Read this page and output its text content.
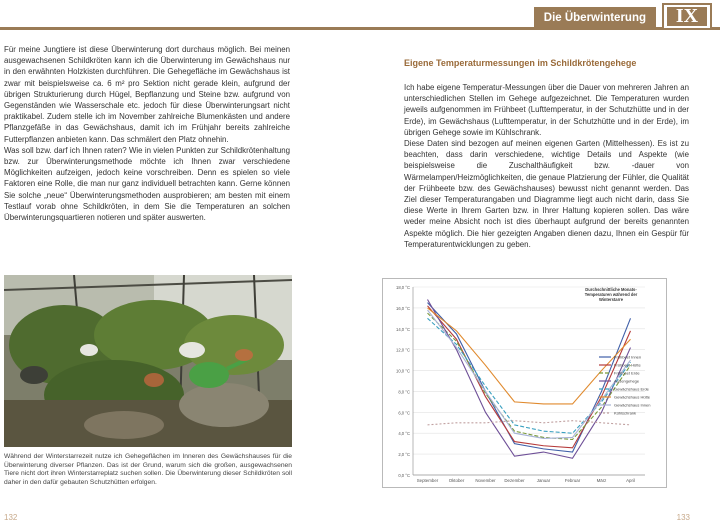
Die Überwinterung	IX

Für meine Jungtiere ist diese Überwinterung dort durchaus möglich. Bei meinen ausgewachsenen Schildkröten kann ich die Überwinterung im Gewächshaus nur in den erwähnten Holzkisten durchführen. Die Gehegefläche im Gewächshaus ist zwar mit beispielsweise ca. 6 m² pro Sektion nicht gerade klein, aufgrund der übrigen Strukturierung durch Hügel, Bepflanzung und Steine bzw. aufgrund von Gegenständen wie Wasserschale etc. jedoch für diese Überwinterungsart nicht praktikabel. Zudem stelle ich im November zahlreiche Blumenkästen und andere Pflanzgefäße in das Gewächshaus, damit ich im Frühjahr bereits zahlreiche Futterpflanzen anbieten kann. Das schmälert den Platz ohnehin.

Was soll bzw. darf ich Ihnen raten? Wie in vielen Punkten zur Schildkrötenhaltung bzw. zur Überwinterungsmethode möchte ich Ihnen zwar verschiedene Möglichkeiten aufzeigen, jedoch keine vorschreiben. Denn es spielen so viele Faktoren eine Rolle, die man nur ganz individuell betrachten kann. Gerne können Sie solche „neue“ Überwinterungsmethoden ausprobieren; am besten mit einem Testlauf vorab ohne Schildkröten, in dem Sie die Temperaturen an solchen Überwinterungsquartieren notieren und später auswerten.

Während der Winterstarrezeit nutze ich Gehegeflächen im Inneren des Gewächshauses für die Überwinterung diverser Pflanzen. Das ist der Grund, warum sich die großen, ausgewachsenen Tiere nicht dort ihren Winterstarreplatz suchen sollen. Die Überwinterung dieser Schildkröten soll daher in den dafür gebauten Schutzhütten erfolgen.
132
Eigene Temperaturmessungen im Schildkrötengehege

Ich habe eigene Temperatur-Messungen über die Dauer von mehreren Jahren an unterschiedlichen Stellen im Gehege aufgezeichnet. Die Temperaturen wurden jeweils aufgenommen im Frühbeet (Lufttemperatur, in der Schutzhütte und in der Erde), im Gewächshaus (Lufttemperatur, in der Schutzhütte und in der Erde), im übrigen Gehege sowie im Kühlschrank.

Diese Daten sind bezogen auf meinen eigenen Garten (Mittelhessen). Es ist zu beachten, dass darin verschiedene, wichtige Details und Aspekte (wie beispielsweise die Zuschalthäufigkeit bzw. -dauer von Wärmelampen/Heizmöglichkeiten, die genaue Platzierung der Fühler, die Qualität der Frühbeete bzw. des Gewächshauses) bewusst nicht genannt werden. Das Ziel dieser Temperaturangaben und Diagramme liegt auch nicht darin, dass Sie diese Werte in Ihrem Garten bzw. in Ihrer Haltung kopieren sollen. Das wäre weder meine Absicht noch ist dies überhaupt aufgrund der bereits genannten Aspekte möglich. Die hier gezeigten Angaben dienen dazu, Ihnen ein Gespür für Temperaturentwicklungen zu geben.

0,0 °C
2,0 °C
4,0 °C
6,0 °C
8,0 °C
10,0 °C
12,0 °C
14,0 °C
16,0 °C
18,0 °C
September Oktober	November Dezember	Januar	Februar	März	April
Durchschnittliche Monats-Temperaturen während der Winterstarre
Frühbeet Innen
Frühbeet Hütte
Frühbeet Erde
Außengehege
Gewächshaus Erde
Gewächshaus Hütte
Gewächshaus Innen
Kühlschrank
133
